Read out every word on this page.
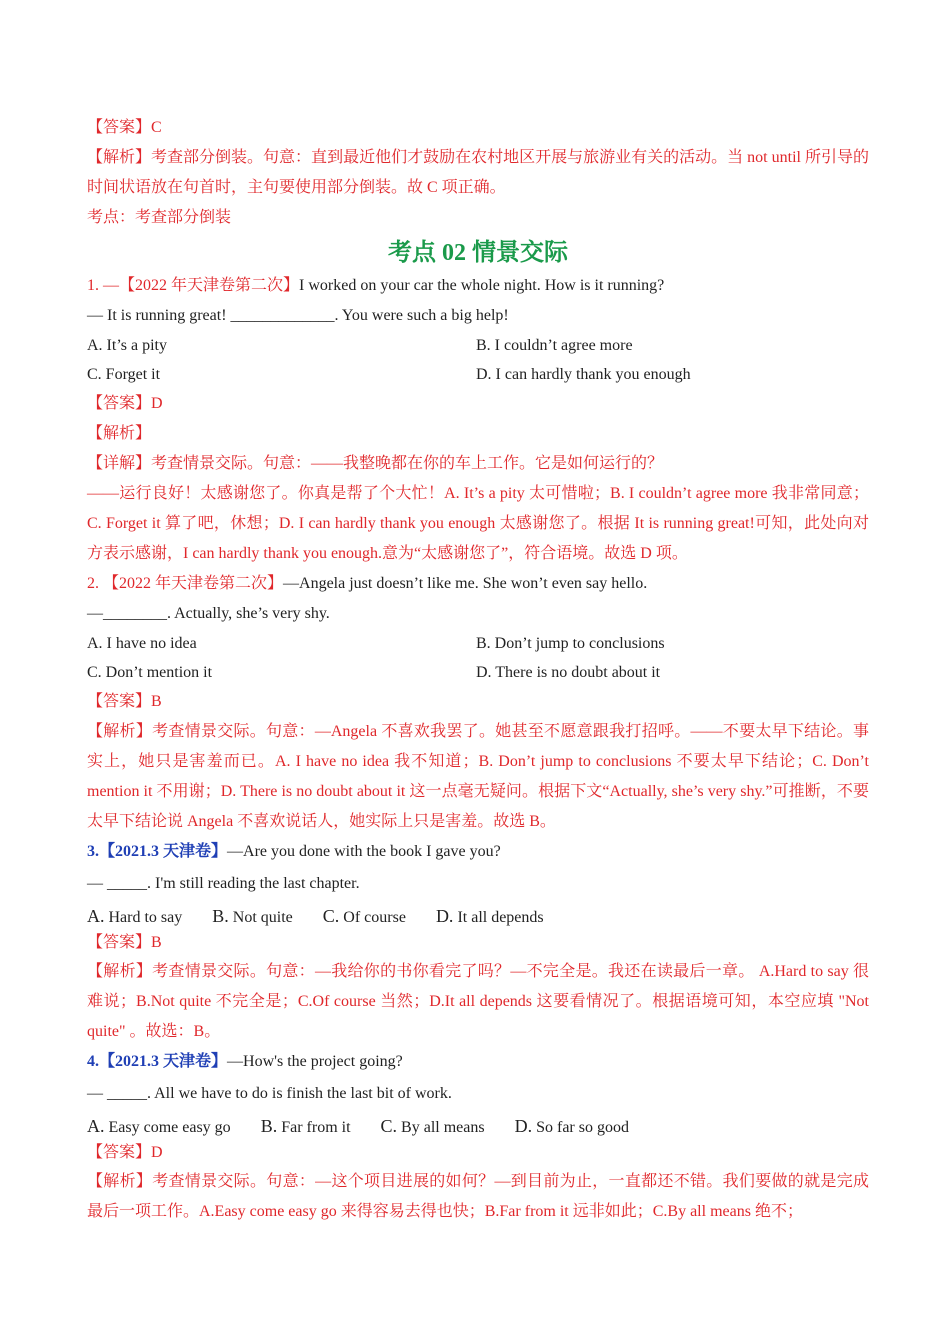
【答案】C
【解析】考查部分倒装。句意：直到最近他们才鼓励在农村地区开展与旅游业有关的活动。当 not until 所引导的时间状语放在句首时，主句要使用部分倒装。故 C 项正确。
考点：考查部分倒装
考点 02 情景交际
1. —【2022 年天津卷第二次】I worked on your car the whole night. How is it running?
— It is running great! _____________. You were such a big help!
A. It’s a pity	B. I couldn’t agree more
C. Forget it	D. I can hardly thank you enough
【答案】D
【解析】
【详解】考查情景交际。句意：——我整晚都在你的车上工作。它是如何运行的？
——运行良好！太感谢您了。你真是帮了个大忙！A. It’s a pity 太可惜啦；B. I couldn’t agree more 我非常同意；C. Forget it 算了吧，休想；D. I can hardly thank you enough 太感谢您了。根据 It is running great!可知，此处向对方表示感谢，I can hardly thank you enough.意为“太感谢您了”，符合语境。故选 D 项。
2. 【2022 年天津卷第二次】—Angela just doesn’t like me. She won’t even say hello.
—________. Actually, she’s very shy.
A. I have no idea	B. Don’t jump to conclusions
C. Don’t mention it	D. There is no doubt about it
【答案】B
【解析】考查情景交际。句意：—Angela 不喜欢我罢了。她甚至不愿意跟我打招呼。——不要太早下结论。事实上，她只是害羞而已。A. I have no idea 我不知道；B. Don’t jump to conclusions 不要太早下结论；C. Don’t mention it 不用谢；D. There is no doubt about it 这一点毫无疑问。根据下文“Actually, she’s very shy.”可推断，不要太早下结论说 Angela 不喜欢说话人，她实际上只是害羞。故选 B。
3.【2021.3 天津卷】—Are you done with the book I gave you?
— _____. I'm still reading the last chapter.
A. Hard to say B. Not quite C. Of course D. It all depends
【答案】B
【解析】考查情景交际。句意：—我给你的书你看完了吗？—不完全是。我还在读最后一章。 A.Hard to say 很难说；B.Not quite 不完全是；C.Of course 当然；D.It all depends 这要看情况了。根据语境可知，本空应填 "Not quite" 。故选：B。
4.【2021.3 天津卷】—How's the project going?
— _____. All we have to do is finish the last bit of work.
A. Easy come easy go B. Far from it C. By all means D. So far so good
【答案】D
【解析】考查情景交际。句意：—这个项目进展的如何？—到目前为止，一直都还不错。我们要做的就是完成最后一项工作。A.Easy come easy go 来得容易去得也快；B.Far from it 远非如此；C.By all means 绝不；
